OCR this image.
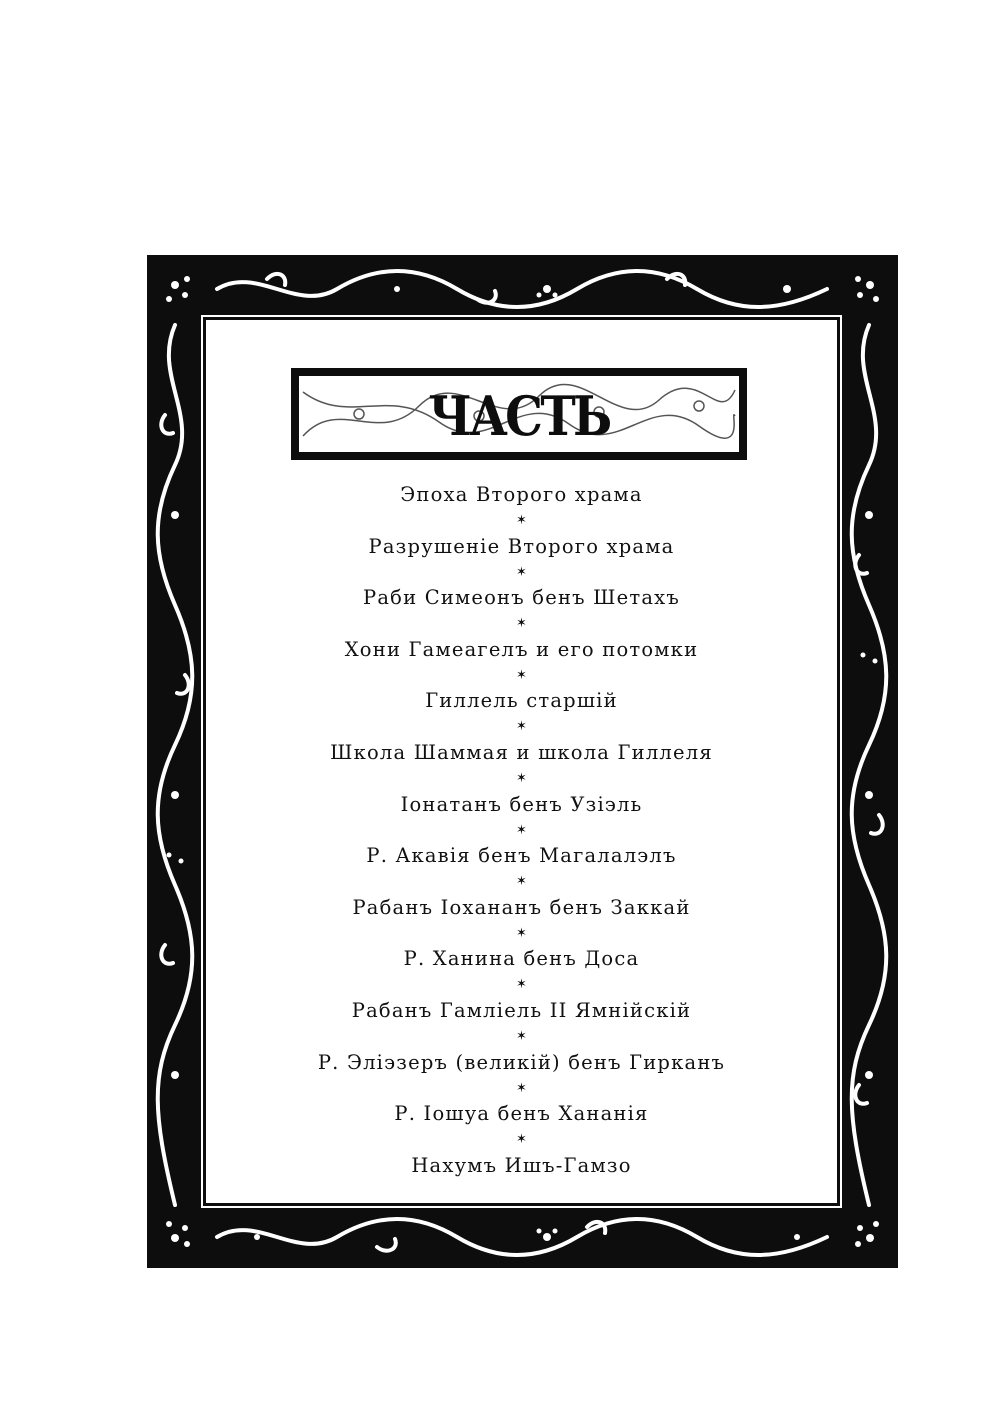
ЧАСТЬ
Эпоха Второго храма
✶
Разрушеніе Второго храма
✶
Раби Симеонъ бенъ Шетахъ
✶
Хони Гамеагелъ и его потомки
✶
Гиллель старшій
✶
Школа Шаммая и школа Гиллеля
✶
Іонатанъ бенъ Узіэль
✶
Р. Акавія бенъ Магалалэлъ
✶
Рабанъ Іохананъ бенъ Заккай
✶
Р. Ханина бенъ Доса
✶
Рабанъ Гамліель II Ямнійскій
✶
Р. Эліэзеръ (великій) бенъ Гирканъ
✶
Р. Іошуа бенъ Хананія
✶
Нахумъ Ишъ-Гамзо
